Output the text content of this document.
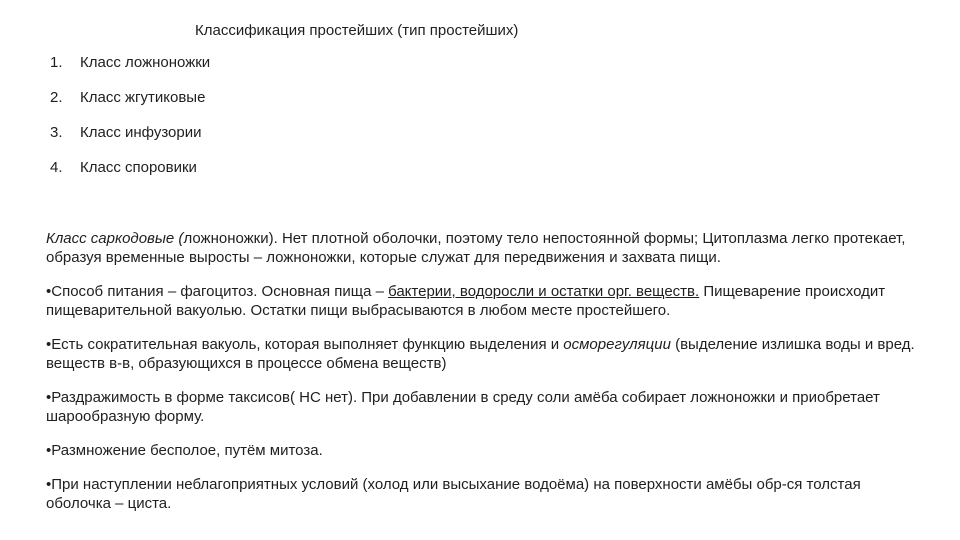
Классификация простейших (тип простейших)
1. Класс ложноножки
2. Класс жгутиковые
3. Класс инфузории
4. Класс споровики

Класс саркодовые (ложноножки). Нет плотной оболочки, поэтому тело непостоянной формы; Цитоплазма легко протекает, образуя временные выросты – ложноножки, которые служат для передвижения и захвата пищи.

•Способ питания – фагоцитоз. Основная пища – бактерии, водоросли и остатки орг. веществ. Пищеварение происходит пищеварительной вакуолью. Остатки пищи выбрасываются в любом месте простейшего.

•Есть сократительная вакуоль, которая выполняет функцию выделения и осморегуляции (выделение излишка воды и вред. веществ в-в, образующихся в процессе обмена веществ)

•Раздражимость в форме таксисов( НС нет). При добавлении в среду соли амёба собирает ложноножки и приобретает шарообразную форму.

•Размножение бесполое, путём митоза.

•При наступлении неблагоприятных условий (холод или высыхание водоёма) на поверхности амёбы обр-ся толстая оболочка – циста.
